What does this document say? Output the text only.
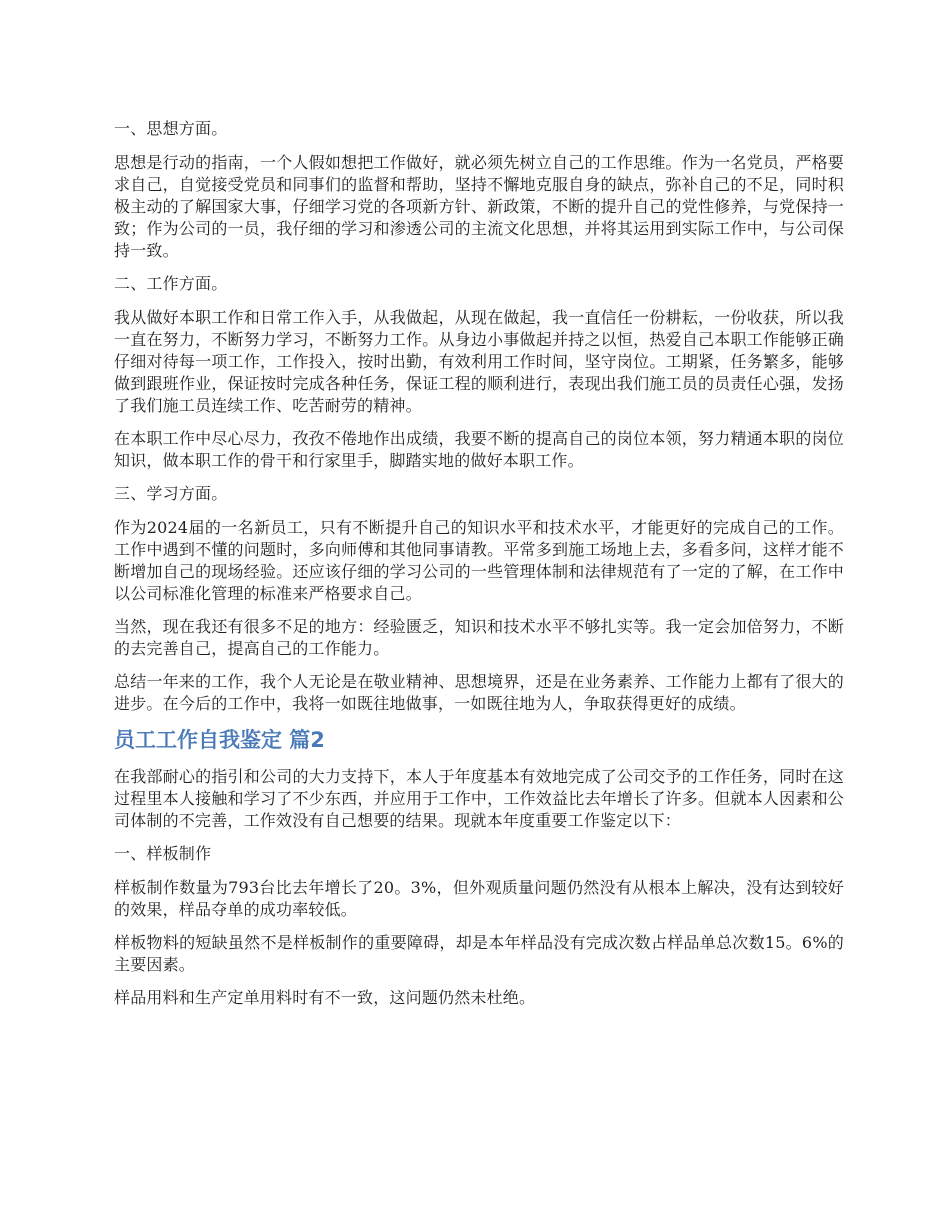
一、思想方面。

思想是行动的指南，一个人假如想把工作做好，就必须先树立自己的工作思维。作为一名党员，严格要求自己，自觉接受党员和同事们的监督和帮助，坚持不懈地克服自身的缺点，弥补自己的不足，同时积极主动的了解国家大事，仔细学习党的各项新方针、新政策，不断的提升自己的党性修养，与党保持一致；作为公司的一员，我仔细的学习和渗透公司的主流文化思想，并将其运用到实际工作中，与公司保持一致。

二、工作方面。

我从做好本职工作和日常工作入手，从我做起，从现在做起，我一直信任一份耕耘，一份收获，所以我一直在努力，不断努力学习，不断努力工作。从身边小事做起并持之以恒，热爱自己本职工作能够正确仔细对待每一项工作，工作投入，按时出勤，有效利用工作时间，坚守岗位。工期紧，任务繁多，能够做到跟班作业，保证按时完成各种任务，保证工程的顺利进行，表现出我们施工员的员责任心强，发扬了我们施工员连续工作、吃苦耐劳的精神。

在本职工作中尽心尽力，孜孜不倦地作出成绩，我要不断的提高自己的岗位本领，努力精通本职的岗位知识，做本职工作的骨干和行家里手，脚踏实地的做好本职工作。

三、学习方面。

作为2024届的一名新员工，只有不断提升自己的知识水平和技术水平，才能更好的完成自己的工作。工作中遇到不懂的问题时，多向师傅和其他同事请教。平常多到施工场地上去，多看多问，这样才能不断增加自己的现场经验。还应该仔细的学习公司的一些管理体制和法律规范有了一定的了解，在工作中以公司标准化管理的标准来严格要求自己。

当然，现在我还有很多不足的地方：经验匮乏，知识和技术水平不够扎实等。我一定会加倍努力，不断的去完善自己，提高自己的工作能力。

总结一年来的工作，我个人无论是在敬业精神、思想境界，还是在业务素养、工作能力上都有了很大的进步。在今后的工作中，我将一如既往地做事，一如既往地为人，争取获得更好的成绩。

员工工作自我鉴定 篇2

在我部耐心的指引和公司的大力支持下，本人于年度基本有效地完成了公司交予的工作任务，同时在这过程里本人接触和学习了不少东西，并应用于工作中，工作效益比去年增长了许多。但就本人因素和公司体制的不完善，工作效没有自己想要的结果。现就本年度重要工作鉴定以下：

一、样板制作

样板制作数量为793台比去年增长了20。3%，但外观质量问题仍然没有从根本上解决，没有达到较好的效果，样品夺单的成功率较低。

样板物料的短缺虽然不是样板制作的重要障碍，却是本年样品没有完成次数占样品单总次数15。6%的主要因素。

样品用料和生产定单用料时有不一致，这问题仍然未杜绝。
